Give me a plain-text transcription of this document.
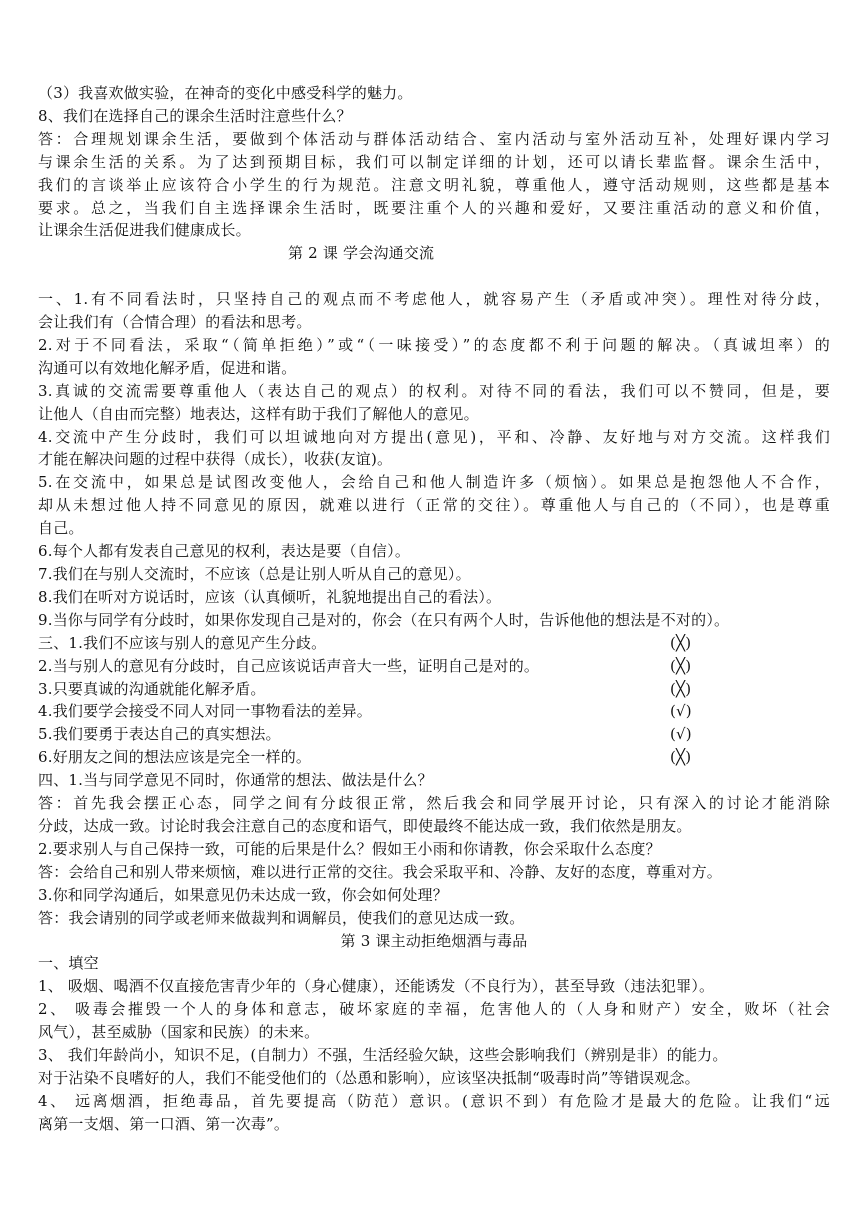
（3）我喜欢做实验，在神奇的变化中感受科学的魅力。
8、我们在选择自己的课余生活时注意些什么？
答：合理规划课余生活，要做到个体活动与群体活动结合、室内活动与室外活动互补，处理好课内学习
与课余生活的关系。为了达到预期目标，我们可以制定详细的计划，还可以请长辈监督。课余生活中，
我们的言谈举止应该符合小学生的行为规范。注意文明礼貌，尊重他人，遵守活动规则，这些都是基本
要求。总之，当我们自主选择课余生活时，既要注重个人的兴趣和爱好，又要注重活动的意义和价值，
让课余生活促进我们健康成长。
第 2 课 学会沟通交流
一、1.有不同看法时，只坚持自己的观点而不考虑他人，就容易产生（矛盾或冲突）。理性对待分歧，
会让我们有（合情合理）的看法和思考。
2.对于不同看法，采取“（简单拒绝）”或“（一味接受）”的态度都不利于问题的解决。（真诚坦率）的
沟通可以有效地化解矛盾，促进和谐。
3.真诚的交流需要尊重他人（表达自己的观点）的权利。对待不同的看法，我们可以不赞同，但是，要
让他人（自由而完整）地表达，这样有助于我们了解他人的意见。
4.交流中产生分歧时，我们可以坦诚地向对方提出(意见)，平和、冷静、友好地与对方交流。这样我们
才能在解决问题的过程中获得（成长），收获(友谊)。
5.在交流中，如果总是试图改变他人，会给自己和他人制造许多（烦恼）。如果总是抱怨他人不合作，
却从未想过他人持不同意见的原因，就难以进行（正常的交往）。尊重他人与自己的（不同），也是尊重
自己。
6.每个人都有发表自己意见的权利，表达是要（自信）。
7.我们在与别人交流时，不应该（总是让别人听从自己的意见）。
8.我们在听对方说话时，应该（认真倾听，礼貌地提出自己的看法）。
9.当你与同学有分歧时，如果你发现自己是对的，你会（在只有两个人时，告诉他他的想法是不对的）。
三、1.我们不应该与别人的意见产生分歧。	(╳)
2.当与别人的意见有分歧时，自己应该说话声音大一些，证明自己是对的。	(╳)
3.只要真诚的沟通就能化解矛盾。	(╳)
4.我们要学会接受不同人对同一事物看法的差异。	(√)
5.我们要勇于表达自己的真实想法。	(√)
6.好朋友之间的想法应该是完全一样的。	(╳)
四、1.当与同学意见不同时，你通常的想法、做法是什么？
答：首先我会摆正心态，同学之间有分歧很正常，然后我会和同学展开讨论，只有深入的讨论才能消除
分歧，达成一致。讨论时我会注意自己的态度和语气，即使最终不能达成一致，我们依然是朋友。
2.要求别人与自己保持一致，可能的后果是什么？假如王小雨和你请教，你会采取什么态度？
答：会给自己和别人带来烦恼，难以进行正常的交往。我会采取平和、冷静、友好的态度，尊重对方。
3.你和同学沟通后，如果意见仍未达成一致，你会如何处理？
答：我会请别的同学或老师来做裁判和调解员，使我们的意见达成一致。
第 3 课主动拒绝烟酒与毒品
一、填空
1、 吸烟、喝酒不仅直接危害青少年的（身心健康），还能诱发（不良行为），甚至导致（违法犯罪）。
2、 吸毒会摧毁一个人的身体和意志，破坏家庭的幸福，危害他人的（人身和财产）安全，败坏（社会
风气），甚至威胁（国家和民族）的未来。
3、 我们年龄尚小，知识不足，(自制力）不强，生活经验欠缺，这些会影响我们（辨别是非）的能力。
对于沾染不良嗜好的人，我们不能受他们的（怂恿和影响），应该坚决抵制“吸毒时尚”等错误观念。
4、 远离烟酒，拒绝毒品，首先要提高（防范）意识。(意识不到）有危险才是最大的危险。让我们“远
离第一支烟、第一口酒、第一次毒”。
